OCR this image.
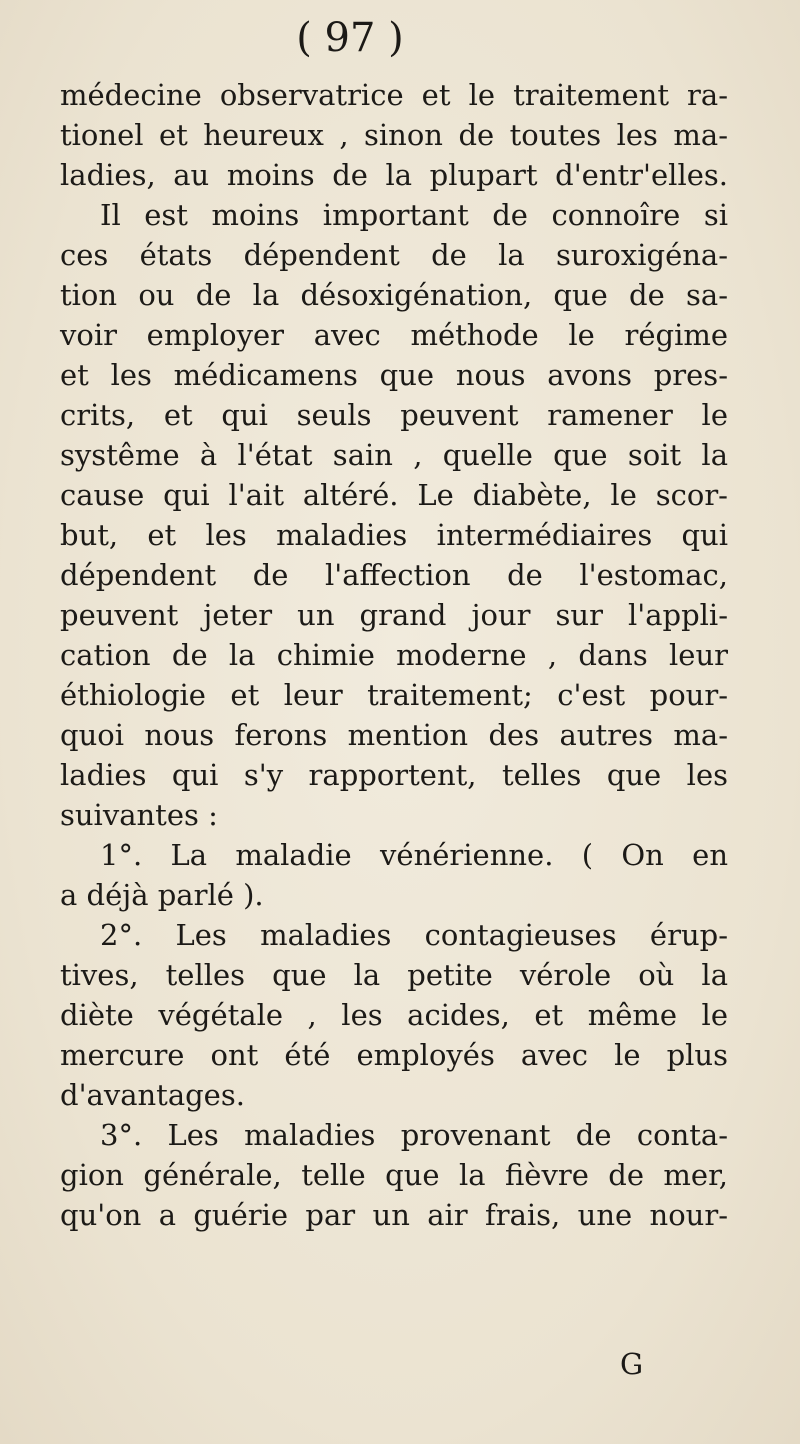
( 97 )
médecine observatrice et le traitement ra-
tionel et heureux , sinon de toutes les ma-
ladies, au moins de la plupart d'entr'elles.
Il est moins important de connoîre si
ces états dépendent de la suroxigéna-
tion ou de la désoxigénation, que de sa-
voir employer avec méthode le régime
et les médicamens que nous avons pres-
crits, et qui seuls peuvent ramener le
systême à l'état sain , quelle que soit la
cause qui l'ait altéré. Le diabète, le scor-
but, et les maladies intermédiaires qui
dépendent de l'affection de l'estomac,
peuvent jeter un grand jour sur l'appli-
cation de la chimie moderne , dans leur
éthiologie et leur traitement; c'est pour-
quoi nous ferons mention des autres ma-
ladies qui s'y rapportent, telles que les
suivantes :
1°. La maladie vénérienne. ( On en
a déjà parlé ).
2°. Les maladies contagieuses érup-
tives, telles que la petite vérole où la
diète végétale , les acides, et même le
mercure ont été employés avec le plus
d'avantages.
3°. Les maladies provenant de conta-
gion générale, telle que la fièvre de mer,
qu'on a guérie par un air frais, une nour-
G
